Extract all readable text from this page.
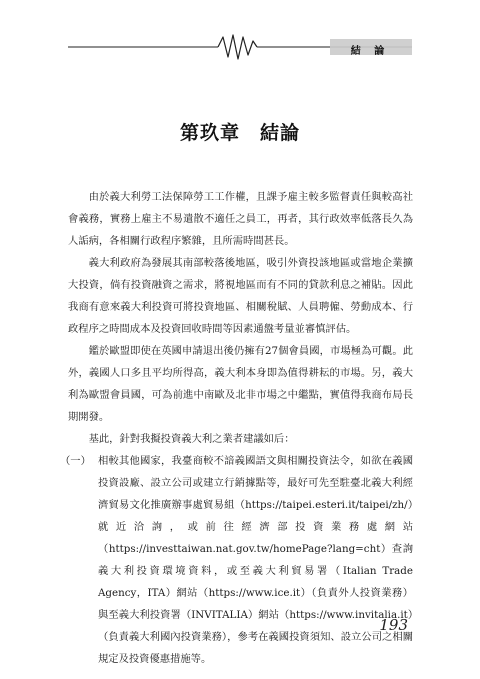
結 論
第玖章　結論

由於義大利勞工法保障勞工工作權，且課予雇主較多監督責任與較高社會義務，實務上雇主不易遣散不適任之員工，再者，其行政效率低落長久為人詬病，各相關行政程序繁雜，且所需時間甚長。

義大利政府為發展其南部較落後地區，吸引外資投該地區或當地企業擴大投資，倘有投資融資之需求，將視地區而有不同的貸款利息之補貼。因此我商有意來義大利投資可將投資地區、相關稅賦、人員聘僱、勞動成本、行政程序之時間成本及投資回收時間等因素通盤考量並審慎評估。

鑑於歐盟即使在英國申請退出後仍擁有27個會員國，市場極為可觀。此外，義國人口多且平均所得高，義大利本身即為值得耕耘的市場。另，義大利為歐盟會員國，可為前進中南歐及北非市場之中繼點，實值得我商布局長期開發。

基此，針對我擬投資義大利之業者建議如后：

（一） 相較其他國家，我臺商較不諳義國語文與相關投資法令，如欲在義國投資設廠、設立公司或建立行銷據點等，最好可先至駐臺北義大利經濟貿易文化推廣辦事處貿易組（https://taipei.esteri.it/taipei/zh/）就近洽詢，或前往經濟部投資業務處網站（https://investtaiwan.nat.gov.tw/homePage?lang=cht）查詢義大利投資環境資料，或至義大利貿易署（Italian Trade Agency，ITA）網站（https://www.ice.it）（負責外人投資業務）與至義大利投資署（INVITALIA）網站（https://www.invitalia.it）（負責義大利國內投資業務），參考在義國投資須知、設立公司之相關規定及投資優惠措施等。
193
